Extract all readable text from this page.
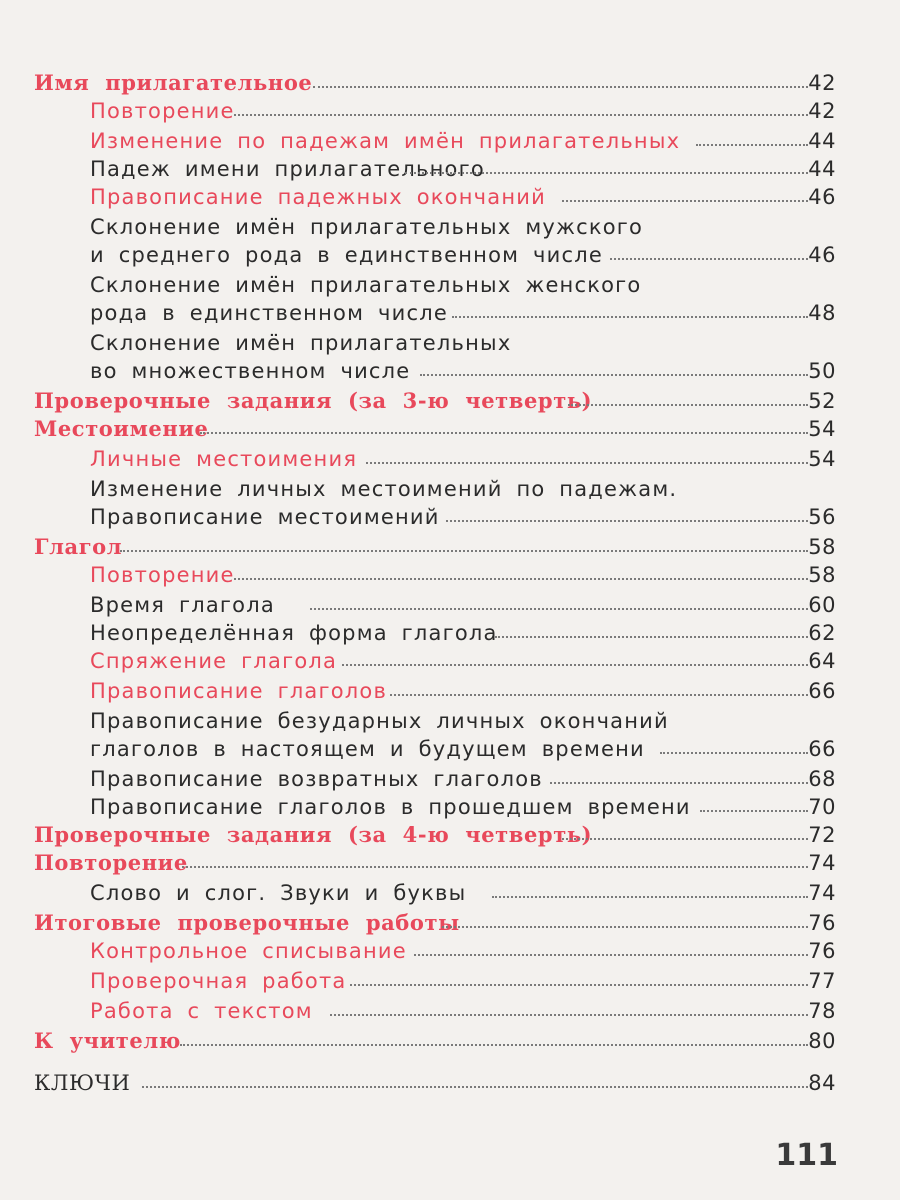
Имя прилагательное	42
Повторение	42
Изменение по падежам имён прилагательных	44
Падеж имени прилагательного	44
Правописание падежных окончаний	46
Склонение имён прилагательных мужского
и среднего рода в единственном числе	46
Склонение имён прилагательных женского
рода в единственном числе	48
Склонение имён прилагательных
во множественном числе	50
Проверочные задания (за 3-ю четверть)	52
Местоимение	54
Личные местоимения	54
Изменение личных местоимений по падежам.
Правописание местоимений	56
Глагол	58
Повторение	58
Время глагола	60
Неопределённая форма глагола	62
Спряжение глагола	64
Правописание глаголов	66
Правописание безударных личных окончаний
глаголов в настоящем и будущем времени	66
Правописание возвратных глаголов	68
Правописание глаголов в прошедшем времени	70
Проверочные задания (за 4-ю четверть)	72
Повторение	74
Слово и слог. Звуки и буквы	74
Итоговые проверочные работы	76
Контрольное списывание	76
Проверочная работа	77
Работа с текстом	78
К учителю	80
КЛЮЧИ	84
111
